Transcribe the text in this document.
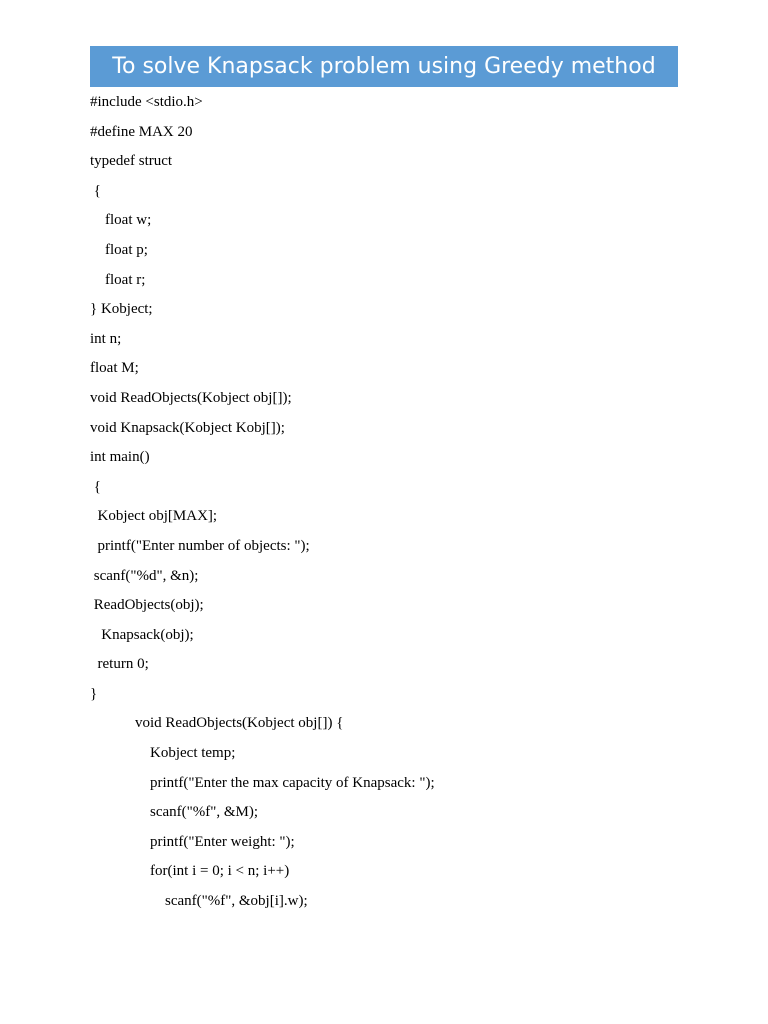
To solve Knapsack problem using Greedy method
#include <stdio.h>
#define MAX 20
typedef struct
{
float w;
float p;
float r;
} Kobject;
int n;
float M;
void ReadObjects(Kobject obj[]);
void Knapsack(Kobject Kobj[]);
int main()
{
Kobject obj[MAX];
printf("Enter number of objects: ");
scanf("%d", &n);
ReadObjects(obj);
Knapsack(obj);
return 0;
}
void ReadObjects(Kobject obj[]) {
Kobject temp;
printf("Enter the max capacity of Knapsack: ");
scanf("%f", &M);
printf("Enter weight: ");
for(int i = 0; i < n; i++)
scanf("%f", &obj[i].w);
